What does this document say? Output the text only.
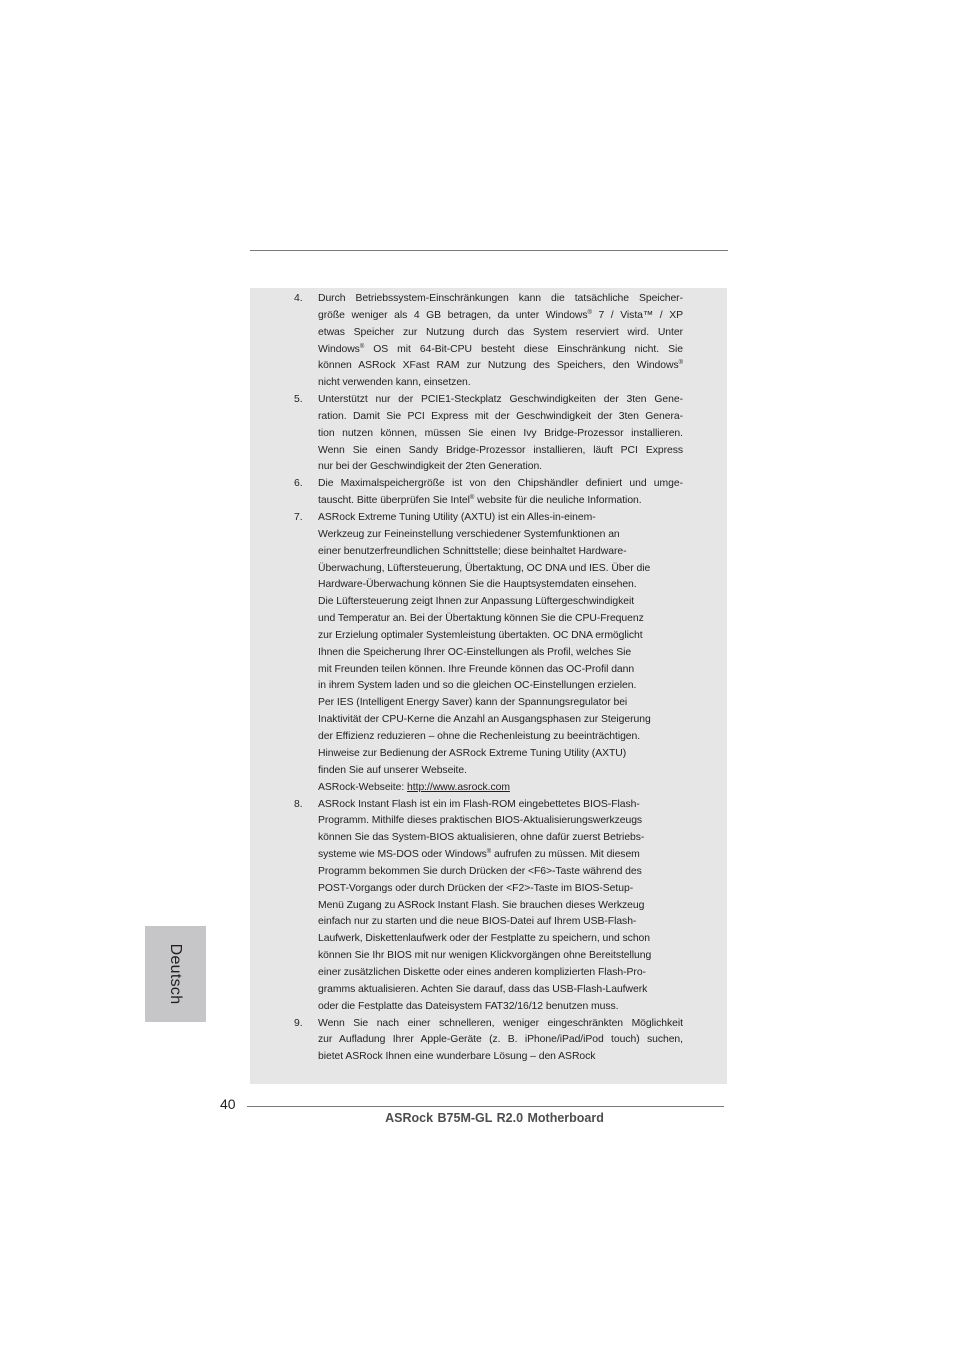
4. Durch Betriebssystem-Einschränkungen kann die tatsächliche Speicher-
größe weniger als 4 GB betragen, da unter Windows® 7 / Vista™ / XP
etwas Speicher zur Nutzung durch das System reserviert wird. Unter
Windows® OS mit 64-Bit-CPU besteht diese Einschränkung nicht. Sie
können ASRock XFast RAM zur Nutzung des Speichers, den Windows®
nicht verwenden kann, einsetzen.
5. Unterstützt nur der PCIE1-Steckplatz Geschwindigkeiten der 3ten Gene-
ration. Damit Sie PCI Express mit der Geschwindigkeit der 3ten Genera-
tion nutzen können, müssen Sie einen Ivy Bridge-Prozessor installieren.
Wenn Sie einen Sandy Bridge-Prozessor installieren, läuft PCI Express
nur bei der Geschwindigkeit der 2ten Generation.
6. Die Maximalspeichergröße ist von den Chipshändler definiert und umge-
tauscht. Bitte überprüfen Sie Intel® website für die neuliche Information.
7. ASRock Extreme Tuning Utility (AXTU) ist ein Alles-in-einem-
Werkzeug zur Feineinstellung verschiedener Systemfunktionen an
einer benutzerfreundlichen Schnittstelle; diese beinhaltet Hardware-
Überwachung, Lüftersteuerung, Übertaktung, OC DNA und IES. Über die
Hardware-Überwachung können Sie die Hauptsystemdaten einsehen.
Die Lüftersteuerung zeigt Ihnen zur Anpassung Lüftergeschwindigkeit
und Temperatur an. Bei der Übertaktung können Sie die CPU-Frequenz
zur Erzielung optimaler Systemleistung übertakten. OC DNA ermöglicht
Ihnen die Speicherung Ihrer OC-Einstellungen als Profil, welches Sie
mit Freunden teilen können. Ihre Freunde können das OC-Profil dann
in ihrem System laden und so die gleichen OC-Einstellungen erzielen.
Per IES (Intelligent Energy Saver) kann der Spannungsregulator bei
Inaktivität der CPU-Kerne die Anzahl an Ausgangsphasen zur Steigerung
der Effizienz reduzieren – ohne die Rechenleistung zu beeinträchtigen.
Hinweise zur Bedienung der ASRock Extreme Tuning Utility (AXTU)
finden Sie auf unserer Webseite.
ASRock-Webseite: http://www.asrock.com
8. ASRock Instant Flash ist ein im Flash-ROM eingebettetes BIOS-Flash-
Programm. Mithilfe dieses praktischen BIOS-Aktualisierungswerkzeugs
können Sie das System-BIOS aktualisieren, ohne dafür zuerst Betriebs-
systeme wie MS-DOS oder Windows® aufrufen zu müssen. Mit diesem
Programm bekommen Sie durch Drücken der <F6>-Taste während des
POST-Vorgangs oder durch Drücken der <F2>-Taste im BIOS-Setup-
Menü Zugang zu ASRock Instant Flash. Sie brauchen dieses Werkzeug
einfach nur zu starten und die neue BIOS-Datei auf Ihrem USB-Flash-
Laufwerk, Diskettenlaufwerk oder der Festplatte zu speichern, und schon
können Sie Ihr BIOS mit nur wenigen Klickvorgängen ohne Bereitstellung
einer zusätzlichen Diskette oder eines anderen komplizierten Flash-Pro-
gramms aktualisieren. Achten Sie darauf, dass das USB-Flash-Laufwerk
oder die Festplatte das Dateisystem FAT32/16/12 benutzen muss.
9. Wenn Sie nach einer schnelleren, weniger eingeschränkten Möglichkeit
zur Aufladung Ihrer Apple-Geräte (z. B. iPhone/iPad/iPod touch) suchen,
bietet ASRock Ihnen eine wunderbare Lösung – den ASRock
Deutsch
40
ASRock B75M-GL R2.0 Motherboard
